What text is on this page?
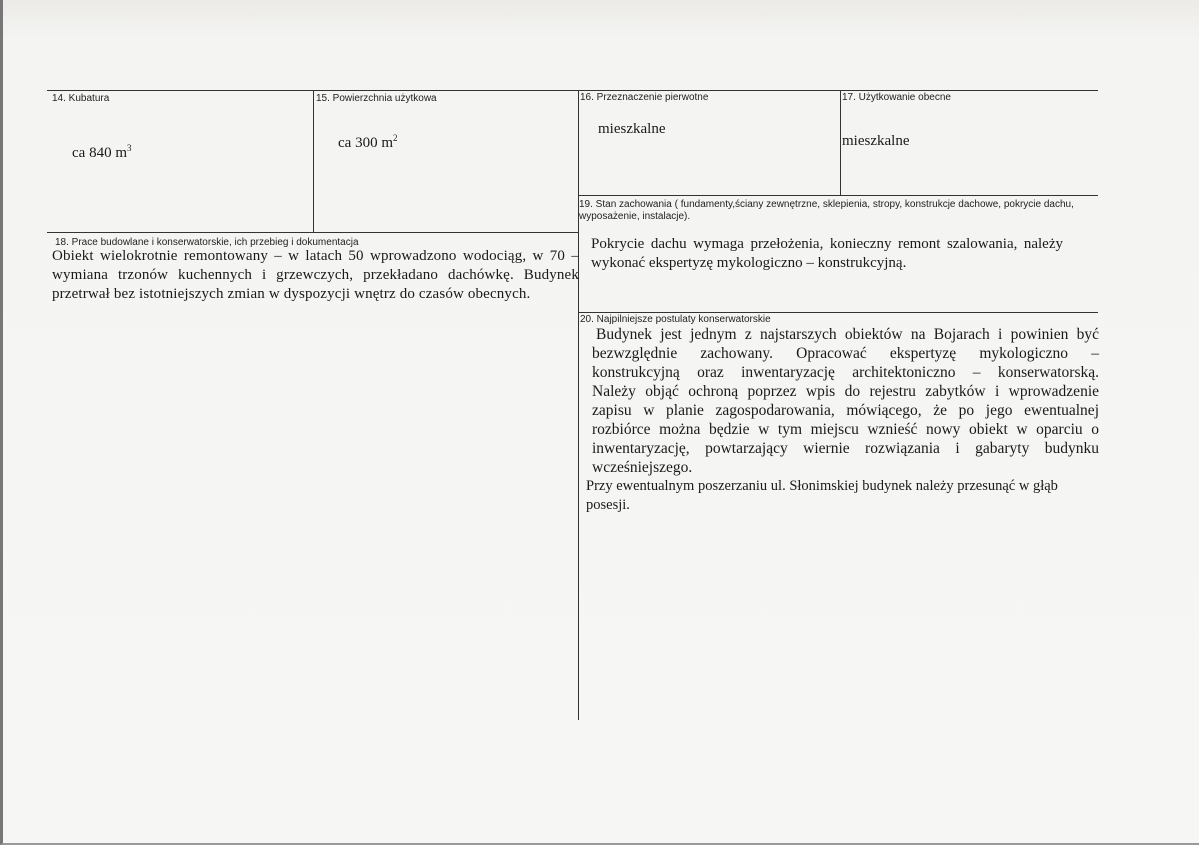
14. Kubatura
ca 840 $m^3$
15. Powierzchnia użytkowa
ca 300 $m^2$
16. Przeznaczenie pierwotne
mieszkalne
17. Użytkowanie obecne
mieszkalne
19. Stan zachowania ( fundamenty,ściany zewnętrzne, sklepienia, stropy, konstrukcje dachowe, pokrycie dachu,
wyposażenie, instalacje).
Pokrycie dachu wymaga przełożenia, konieczny remont szalowania, należy
wykonać ekspertyzę mykologiczno – konstrukcyjną.
18. Prace budowlane i konserwatorskie, ich przebieg i dokumentacja
Obiekt wielokrotnie remontowany – w latach 50 wprowadzono wodociąg, w 70 –
wymiana trzonów kuchennych i grzewczych, przekładano dachówkę. Budynek
przetrwał bez istotniejszych zmian w dyspozycji wnętrz do czasów obecnych.
20. Najpilniejsze postulaty konserwatorskie
Budynek jest jednym z najstarszych obiektów na Bojarach i powinien być
bezwzględnie zachowany. Opracować ekspertyzę mykologiczno –
konstrukcyjną oraz inwentaryzację architektoniczno – konserwatorską.
Należy objąć ochroną poprzez wpis do rejestru zabytków i wprowadzenie
zapisu w planie zagospodarowania, mówiącego, że po jego ewentualnej
rozbiórce można będzie w tym miejscu wznieść nowy obiekt w oparciu o
inwentaryzację, powtarzający wiernie rozwiązania i gabaryty budynku
wcześniejszego.
Przy ewentualnym poszerzaniu ul. Słonimskiej budynek należy przesunąć w głąb
posesji.
